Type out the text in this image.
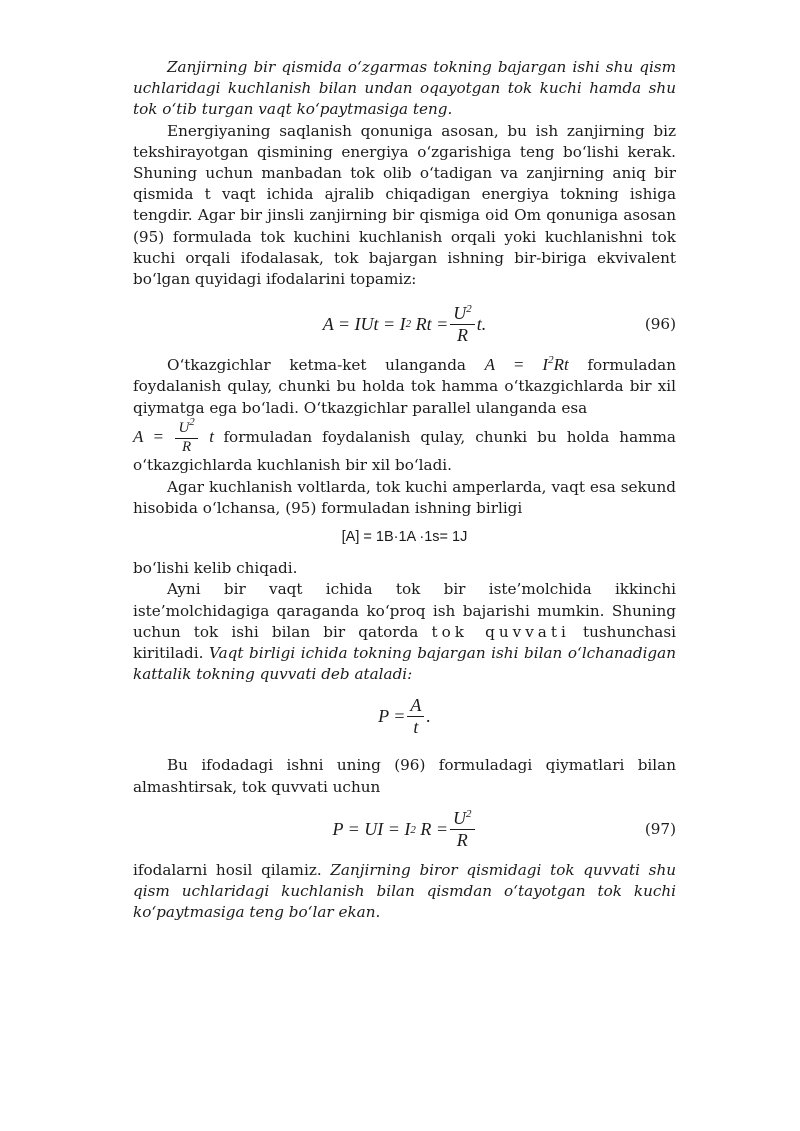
Zanjirning bir qismida o‘zgarmas tokning bajargan ishi shu qism uchlaridagi kuchlanish bilan undan oqayotgan tok kuchi hamda shu tok o‘tib turgan vaqt ko‘paytmasiga teng.

Energiyaning saqlanish qonuniga asosan, bu ish zanjirning biz tekshirayotgan qismining energiya o‘zgarishiga teng bo‘lishi kerak. Shuning uchun manbadan tok olib o‘tadigan va zanjirning aniq bir qismida t vaqt ichida ajralib chiqadigan energiya tokning ishiga tengdir. Agar bir jinsli zanjirning bir qismiga oid Om qonuniga asosan (95) formulada tok kuchini kuchlanish orqali yoki kuchlanishni tok kuchi orqali ifodalasak, tok bajargan ishning bir-biriga ekvivalent bo‘lgan quyidagi ifodalarini topamiz:

A = IUt = I 2
$Rt = \frac{U^2}{R} t$.	(96)

O‘tkazgichlar ketma-ket ulanganda $A = I^2Rt$ formuladan foydalanish qulay, chunki bu holda tok hamma o‘tkazgichlarda bir xil qiymatga ega bo‘ladi. O‘tkazgichlar parallel ulanganda esa

$A = \frac{U^2}{R}$ t formuladan foydalanish qulay, chunki bu holda hamma o‘tkazgichlarda kuchlanish bir xil bo‘ladi.

Agar kuchlanish voltlarda, tok kuchi amperlarda, vaqt esa sekund hisobida o‘lchansa, (95) formuladan ishning birligi

[A] = 1B·1A ·1s= 1J

bo‘lishi kelib chiqadi.

Ayni bir vaqt ichida tok bir iste’molchida ikkinchi iste’molchidagiga qaraganda ko‘proq ish bajarishi mumkin. Shuning uchun tok ishi bilan bir qatorda tok quvvati tushunchasi kiritiladi. Vaqt birligi ichida tokning bajargan ishi bilan o‘lchanadigan kattalik tokning quvvati deb ataladi:

$P = \frac{A}{t}$ .

Bu ifodadagi ishni uning (96) formuladagi qiymatlari bilan almashtirsak, tok quvvati uchun

P = UI = I 2
$R = \frac{U^2}{R}$	(97)

ifodalarni hosil qilamiz. Zanjirning biror qismidagi tok quvvati shu qism uchlaridagi kuchlanish bilan qismdan o‘tayotgan tok kuchi ko‘paytmasiga teng bo‘lar ekan.
